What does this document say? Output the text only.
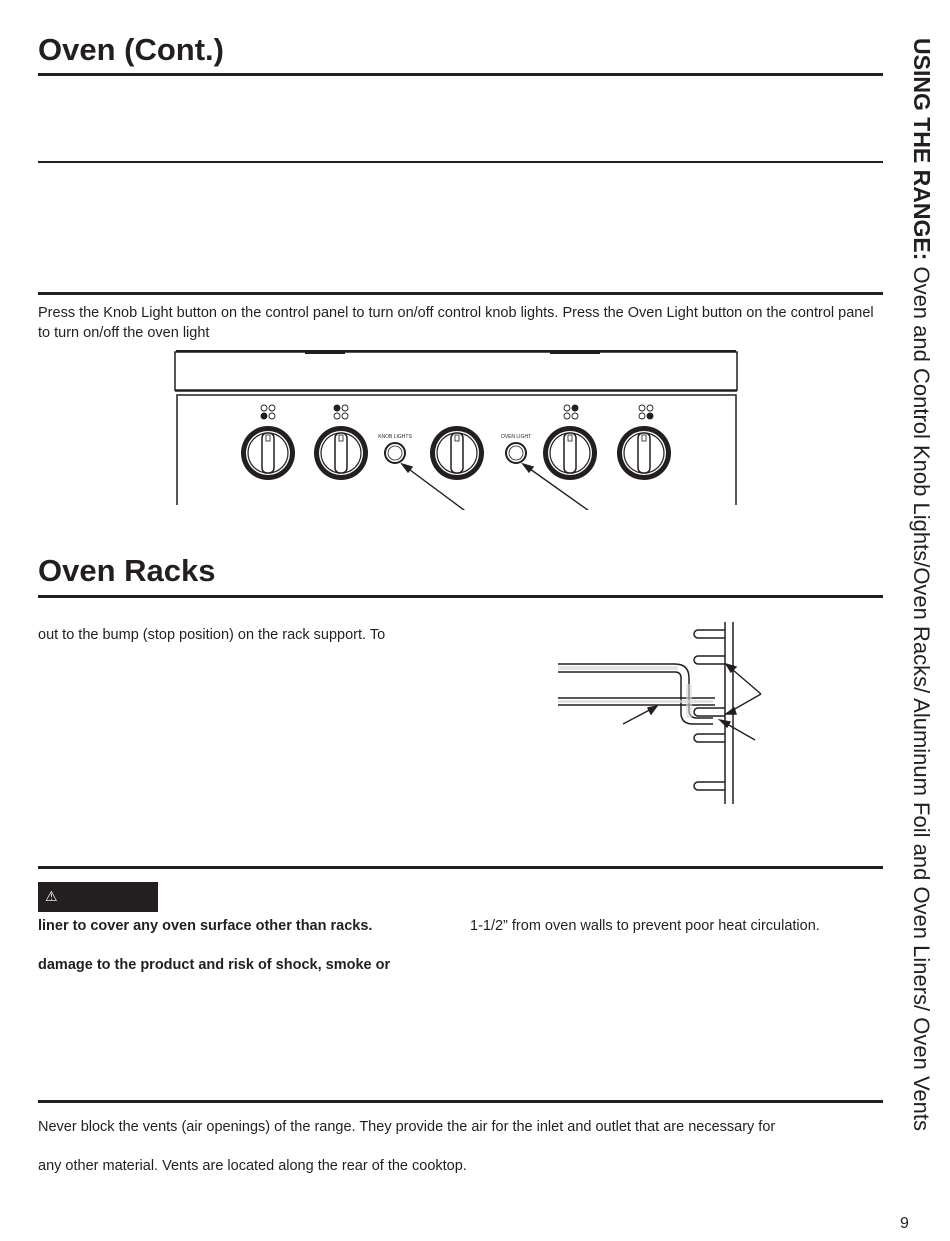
Oven (Cont.)
Press the Knob Light button on the control panel to turn on/off control knob lights. Press the Oven Light button on the control panel to turn on/off the oven light
KNOB LIGHTS	OVEN LIGHT
Oven Racks
out to the bump (stop position) on the rack support. To
⚠
liner to cover any oven surface other than racks.
damage to the product and risk of shock, smoke or
1-1/2” from oven walls to prevent poor heat circulation.
Never block the vents (air openings) of the range. They provide the air for the inlet and outlet that are necessary for
any other material. Vents are located along the rear of the cooktop.
USING THE RANGE: Oven and Control Knob Lights/Oven Racks/ Aluminum Foil and Oven Liners/ Oven Vents
9
